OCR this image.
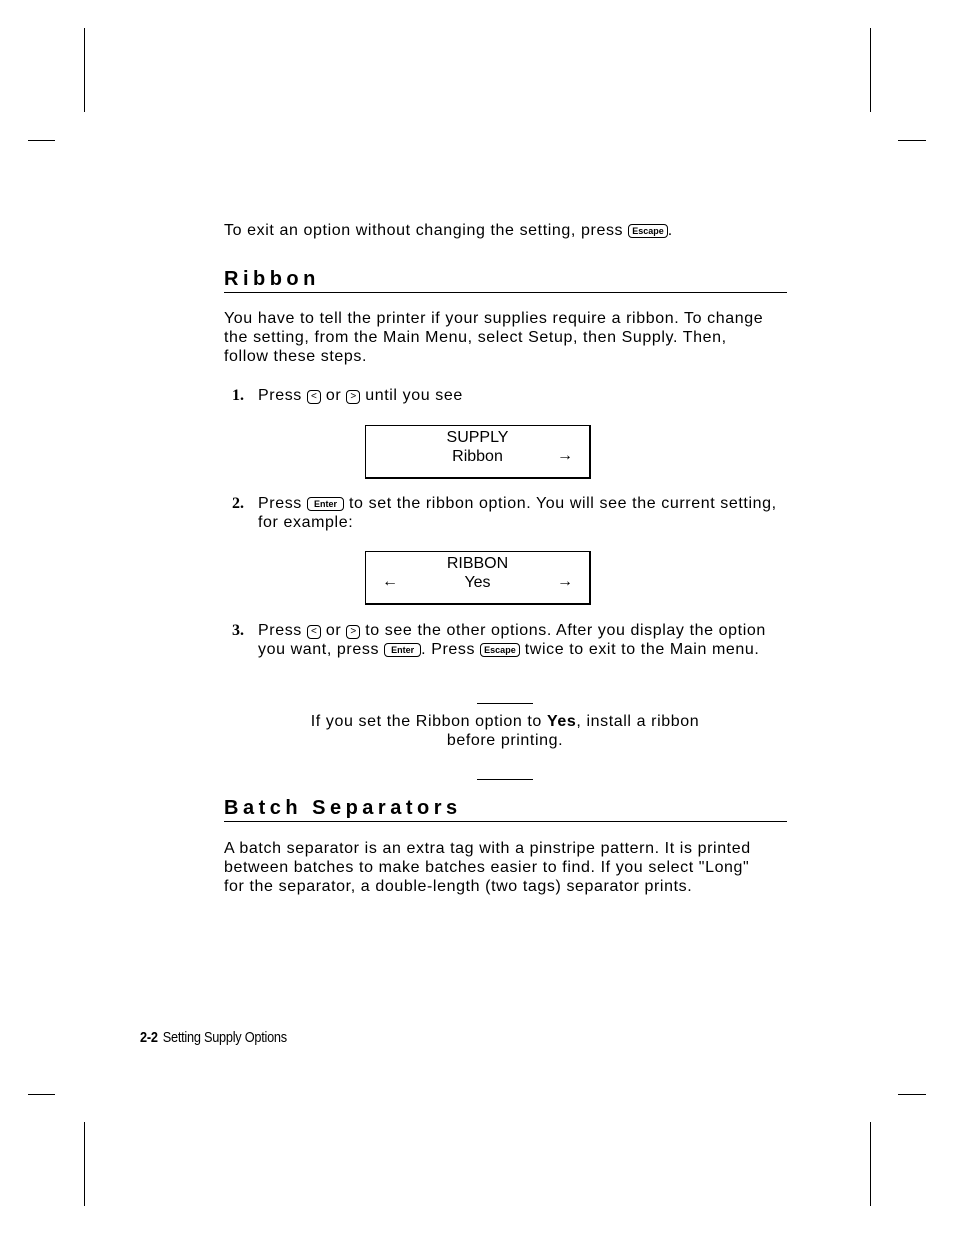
To exit an option without changing the setting, press Escape .

Ribbon

You have to tell the printer if your supplies require a ribbon. To change the setting, from the Main Menu, select Setup, then Supply. Then, follow these steps.

1. Press < or > until you see

SUPPLY
Ribbon	→
2. Press Enter to set the ribbon option. You will see the current setting, for example:

RIBBON
Yes
←	→
3. Press < or > to see the other options. After you display the option you want, press Enter . Press Escape twice to exit to the Main menu.

If you set the Ribbon option to Yes, install a ribbon before printing.
Batch Separators

A batch separator is an extra tag with a pinstripe pattern. It is printed between batches to make batches easier to find. If you select "Long" for the separator, a double-length (two tags) separator prints.

2-2 Setting Supply Options
